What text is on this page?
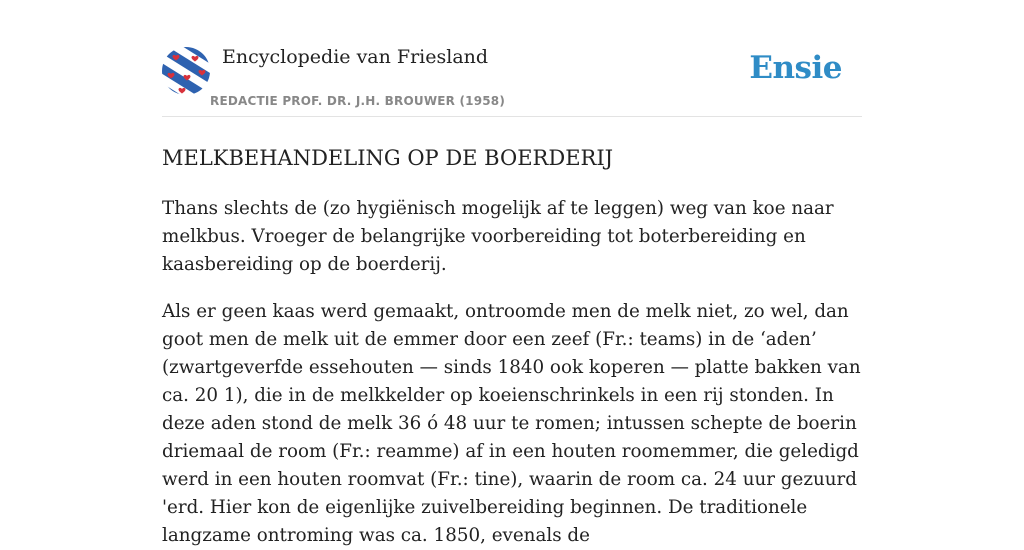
Encyclopedie van Friesland
REDACTIE PROF. DR. J.H. BROUWER (1958)
Ensie
MELKBEHANDELING OP DE BOERDERIJ

Thans slechts de (zo hygiënisch mogelijk af te leggen) weg van koe naar melkbus. Vroeger de belangrijke voorbereiding tot boterbereiding en kaasbereiding op de boerderij.

Als er geen kaas werd gemaakt, ontroomde men de melk niet, zo wel, dan goot men de melk uit de emmer door een zeef (Fr.: teams) in de ‘aden’ (zwartgeverfde essehouten — sinds 1840 ook koperen — platte bakken van ca. 20 1), die in de melkkelder op koeienschrinkels in een rij stonden. In deze aden stond de melk 36 ó 48 uur te romen; intussen schepte de boerin driemaal de room (Fr.: reamme) af in een houten roomemmer, die geledigd werd in een houten roomvat (Fr.: tine), waarin de room ca. 24 uur gezuurd 'erd. Hier kon de eigenlijke zuivelbereiding beginnen. De traditionele langzame ontroming was ca. 1850, evenals de
